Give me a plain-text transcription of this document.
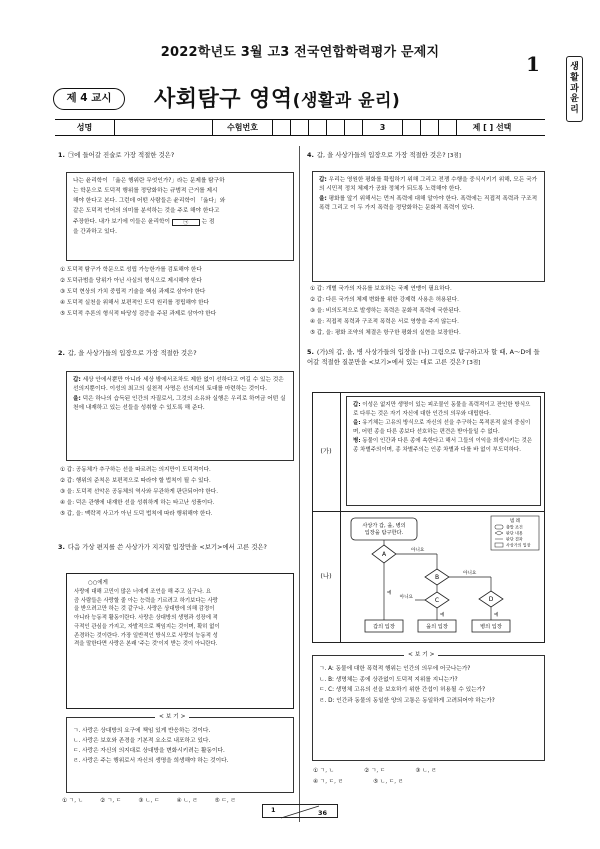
2022학년도 3월 고3 전국연합학력평가 문제지	1	생
활
과
윤
리
제 4 교시	사회탐구 영역(생활과 윤리)
성명	수험번호	3	제 [ ] 선택
1. ㉠에 들어갈 진술로 가장 적절한 것은?

나는 윤리학이 「옳은 행위란 무엇인가?」라는 문제를 탐구하

는 학문으로 도덕적 행위를 정당화하는 규범적 근거를 제시

해야 한다고 본다. 그런데 어떤 사람들은 윤리학이 「옳다」와

같은 도덕적 언어의 의미를 분석하는 것을 주로 해야 한다고

주장한다. 내가 보기에 이들은 윤리학이	㉠ 는 점

을 간과하고 있다.

① 도덕적 탐구가 학문으로 성립 가능한가를 검토해야 한다
② 도덕규범을 당위가 아닌 사실의 형식으로 제시해야 한다
③ 도덕 현상의 가치 중립적 기술을 핵심 과제로 삼아야 한다
④ 도덕적 실천을 위해서 보편적인 도덕 원리를 정립해야 한다
⑤ 도덕적 추론의 형식적 타당성 검증을 주된 과제로 삼아야 한다
2. 갑, 을 사상가들의 입장으로 가장 적절한 것은?

갑: 세상 안에서뿐만 아니라 세상 밖에서조차도 제한 없이 선하다고 여길 수 있는 것은 선의지뿐이다. 이성의 최고의 실천적 사명은 선의지의 토대를 마련하는 것이다.

을: 덕은 하나의 습득된 인간의 자질로서, 그것의 소유와 실행은 우리로 하여금 어떤 실천에 내재하고 있는 선들을 성취할 수 있도록 해 준다.

① 갑: 공동체가 추구하는 선을 따르려는 의지만이 도덕적이다.
② 갑: 행위의 준칙은 보편적으로 따라야 할 법칙이 될 수 있다.
③ 을: 도덕적 선악은 공동체의 역사와 무관하게 판단되어야 한다.
④ 을: 덕은 관행에 내재한 선을 성취하게 하는 타고난 성품이다.
⑤ 갑, 을: 맥락적 사고가 아닌 도덕 법칙에 따라 행위해야 한다.
3. 다음 가상 편지를 쓴 사상가가 지지할 입장만을 <보기>에서 고른 것은?

○○에게

사랑에 대해 고민이 많은 너에게 조언을 해 주고 싶구나. 요

즘 사람들은 사랑할 줄 아는 능력을 기르려고 하기보다는 사랑

을 받으려고만 하는 것 같구나. 사랑은 상대방에 의해 감정이

아니라 능동적 활동이란다. 사랑은 상대방의 생명과 성장에 적

극적인 관심을 가지고, 자발적으로 책임지는 것이며, 확히 없이

존경하는 것이란다. 가장 일반적인 방식으로 사랑의 능동적 성

격을 말한다면 사랑은 본래 '주는 것'이지 받는 것이 아니란다.

ㄱ. 사랑은 상대방의 요구에 책임 있게 반응하는 것이다.

ㄴ. 사랑은 보호와 존경을 기본적 요소로 내포하고 있다.

ㄷ. 사랑은 자신의 의지대로 상대방을 변화시키려는 활동이다.

ㄹ. 사랑은 주는 행위로서 자신의 생명을 희생해야 하는 것이다.

< 보 기 >
① ㄱ, ㄴ	② ㄱ, ㄷ	③ ㄴ, ㄷ	④ ㄴ, ㄹ	⑤ ㄷ, ㄹ
4. 갑, 을 사상가들의 입장으로 가장 적절한 것은? [3점]

갑: 우리는 영원한 평화를 확립하기 위해 그리고 전쟁 수행을 중식시키기 위해, 모든 국가의 시민적 정치 체제가 공화 정체가 되도록 노력해야 한다.

을: 평화를 앞기 위해서는 먼저 폭력에 대해 알아야 한다. 폭력에는 직접적 폭력과 구조적 폭력 그리고 이 두 가지 폭력을 정당화하는 문화적 폭력이 있다.

① 갑: 개별 국가의 자유를 보호하는 국제 연맹이 필요하다.
② 갑: 다른 국가의 체제 변화를 위한 강제력 사용은 허용된다.
③ 을: 비의도적으로 발생하는 폭력은 문화적 폭력에 국한된다.
④ 을: 직접적 폭력과 구조적 폭력은 서로 영향을 주지 않는다.
⑤ 갑, 을: 평화 조약의 체결은 항구한 평화의 실현을 보장한다.
5. (가)의 갑, 을, 병 사상가들의 입장을 (나) 그림으로 탐구하고자 할 때, A～D에 들어갈 적절한 질문만을 <보기>에서 있는 대로 고른 것은? [3점]
(가)
(나)

갑: 이성은 없지만 생명이 있는 피조물인 동물을 폭력적이고 잔인한 방식으로 다루는 것은 자기 자신에 대한 인간의 의무와 대립한다.

을: 유기체는 고유의 방식으로 자신의 선을 추구하는 목적론적 삶의 중심이며, 어떤 종을 다른 종보다 선호하는 편견은 받아들일 수 없다.

병: 동물이 인간과 다른 종에 속한다고 해서 그들의 이익을 희생시키는 것은 종 차별주의이며, 종 차별주의는 인종 차별과 다를 바 없이 부도덕하다.

사상가 갑, 을, 병의 입장을 탐구한다.
A
아니요
예
B
아니요
C
아니요
예
D
예
갑의 입장	을의 입장	병의 입장
범 례
출발 조건
판단 내용
판단 결과
사상가의 입장

ㄱ. A: 동물에 대한 폭력적 행위는 인간의 의무에 어긋나는가?

ㄴ. B: 생명체는 종에 상관없이 도덕적 지위를 지니는가?

ㄷ. C: 생명체 고유의 선을 보호하기 위한 간섭이 허용될 수 있는가?

ㄹ. D: 인간과 동물의 동일한 양의 고통은 동일하게 고려되어야 하는가?

< 보 기 >
① ㄱ, ㄴ	② ㄱ, ㄷ	③ ㄴ, ㄹ
④ ㄱ, ㄷ, ㄹ	⑤ ㄴ, ㄷ, ㄹ
1	36
